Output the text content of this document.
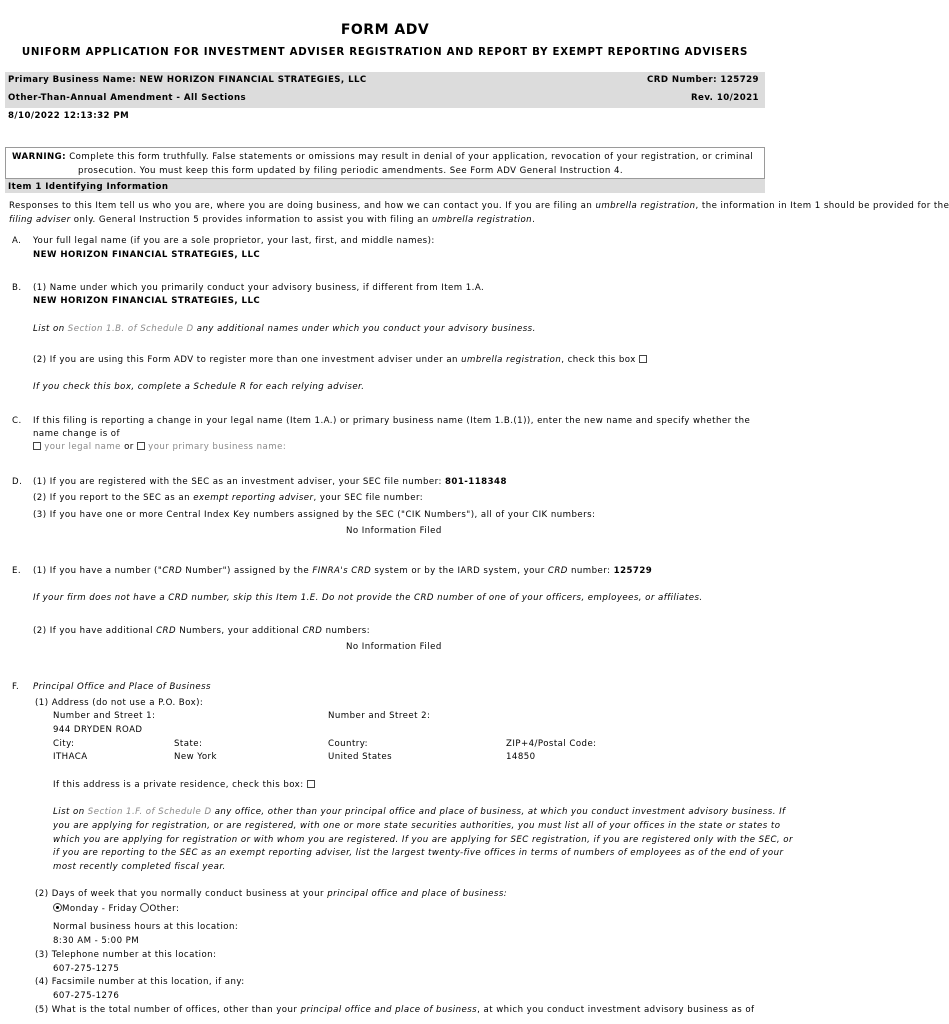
FORM ADV
UNIFORM APPLICATION FOR INVESTMENT ADVISER REGISTRATION AND REPORT BY EXEMPT REPORTING ADVISERS
Primary Business Name: NEW HORIZON FINANCIAL STRATEGIES, LLC	CRD Number: 125729
Other-Than-Annual Amendment - All Sections	Rev. 10/2021
8/10/2022 12:13:32 PM
WARNING: Complete this form truthfully. False statements or omissions may result in denial of your application, revocation of your registration, or criminal
prosecution. You must keep this form updated by filing periodic amendments. See Form ADV General Instruction 4.
Item 1 Identifying Information
Responses to this Item tell us who you are, where you are doing business, and how we can contact you. If you are filing an umbrella registration, the information in Item 1 should be provided for the
filing adviser only. General Instruction 5 provides information to assist you with filing an umbrella registration.
A. Your full legal name (if you are a sole proprietor, your last, first, and middle names):
NEW HORIZON FINANCIAL STRATEGIES, LLC
B. (1) Name under which you primarily conduct your advisory business, if different from Item 1.A.
NEW HORIZON FINANCIAL STRATEGIES, LLC
List on Section 1.B. of Schedule D any additional names under which you conduct your advisory business.
(2) If you are using this Form ADV to register more than one investment adviser under an umbrella registration, check this box
If you check this box, complete a Schedule R for each relying adviser.
C. If this filing is reporting a change in your legal name (Item 1.A.) or primary business name (Item 1.B.(1)), enter the new name and specify whether the
name change is of
your legal name or your primary business name:
D. (1) If you are registered with the SEC as an investment adviser, your SEC file number: 801-118348
(2) If you report to the SEC as an exempt reporting adviser, your SEC file number:
(3) If you have one or more Central Index Key numbers assigned by the SEC ("CIK Numbers"), all of your CIK numbers:
No Information Filed
E. (1) If you have a number ("CRD Number") assigned by the FINRA's CRD system or by the IARD system, your CRD number: 125729
If your firm does not have a CRD number, skip this Item 1.E. Do not provide the CRD number of one of your officers, employees, or affiliates.
(2) If you have additional CRD Numbers, your additional CRD numbers:
No Information Filed
F. Principal Office and Place of Business
(1) Address (do not use a P.O. Box):
Number and Street 1:	Number and Street 2:
944 DRYDEN ROAD
City:	State:	Country:	ZIP+4/Postal Code:
ITHACA	New York	United States	14850
If this address is a private residence, check this box:
List on Section 1.F. of Schedule D any office, other than your principal office and place of business, at which you conduct investment advisory business. If
you are applying for registration, or are registered, with one or more state securities authorities, you must list all of your offices in the state or states to
which you are applying for registration or with whom you are registered. If you are applying for SEC registration, if you are registered only with the SEC, or
if you are reporting to the SEC as an exempt reporting adviser, list the largest twenty-five offices in terms of numbers of employees as of the end of your
most recently completed fiscal year.
(2) Days of week that you normally conduct business at your principal office and place of business:
Monday - Friday Other:
Normal business hours at this location:
8:30 AM - 5:00 PM
(3) Telephone number at this location:
607-275-1275
(4) Facsimile number at this location, if any:
607-275-1276
(5) What is the total number of offices, other than your principal office and place of business, at which you conduct investment advisory business as of
